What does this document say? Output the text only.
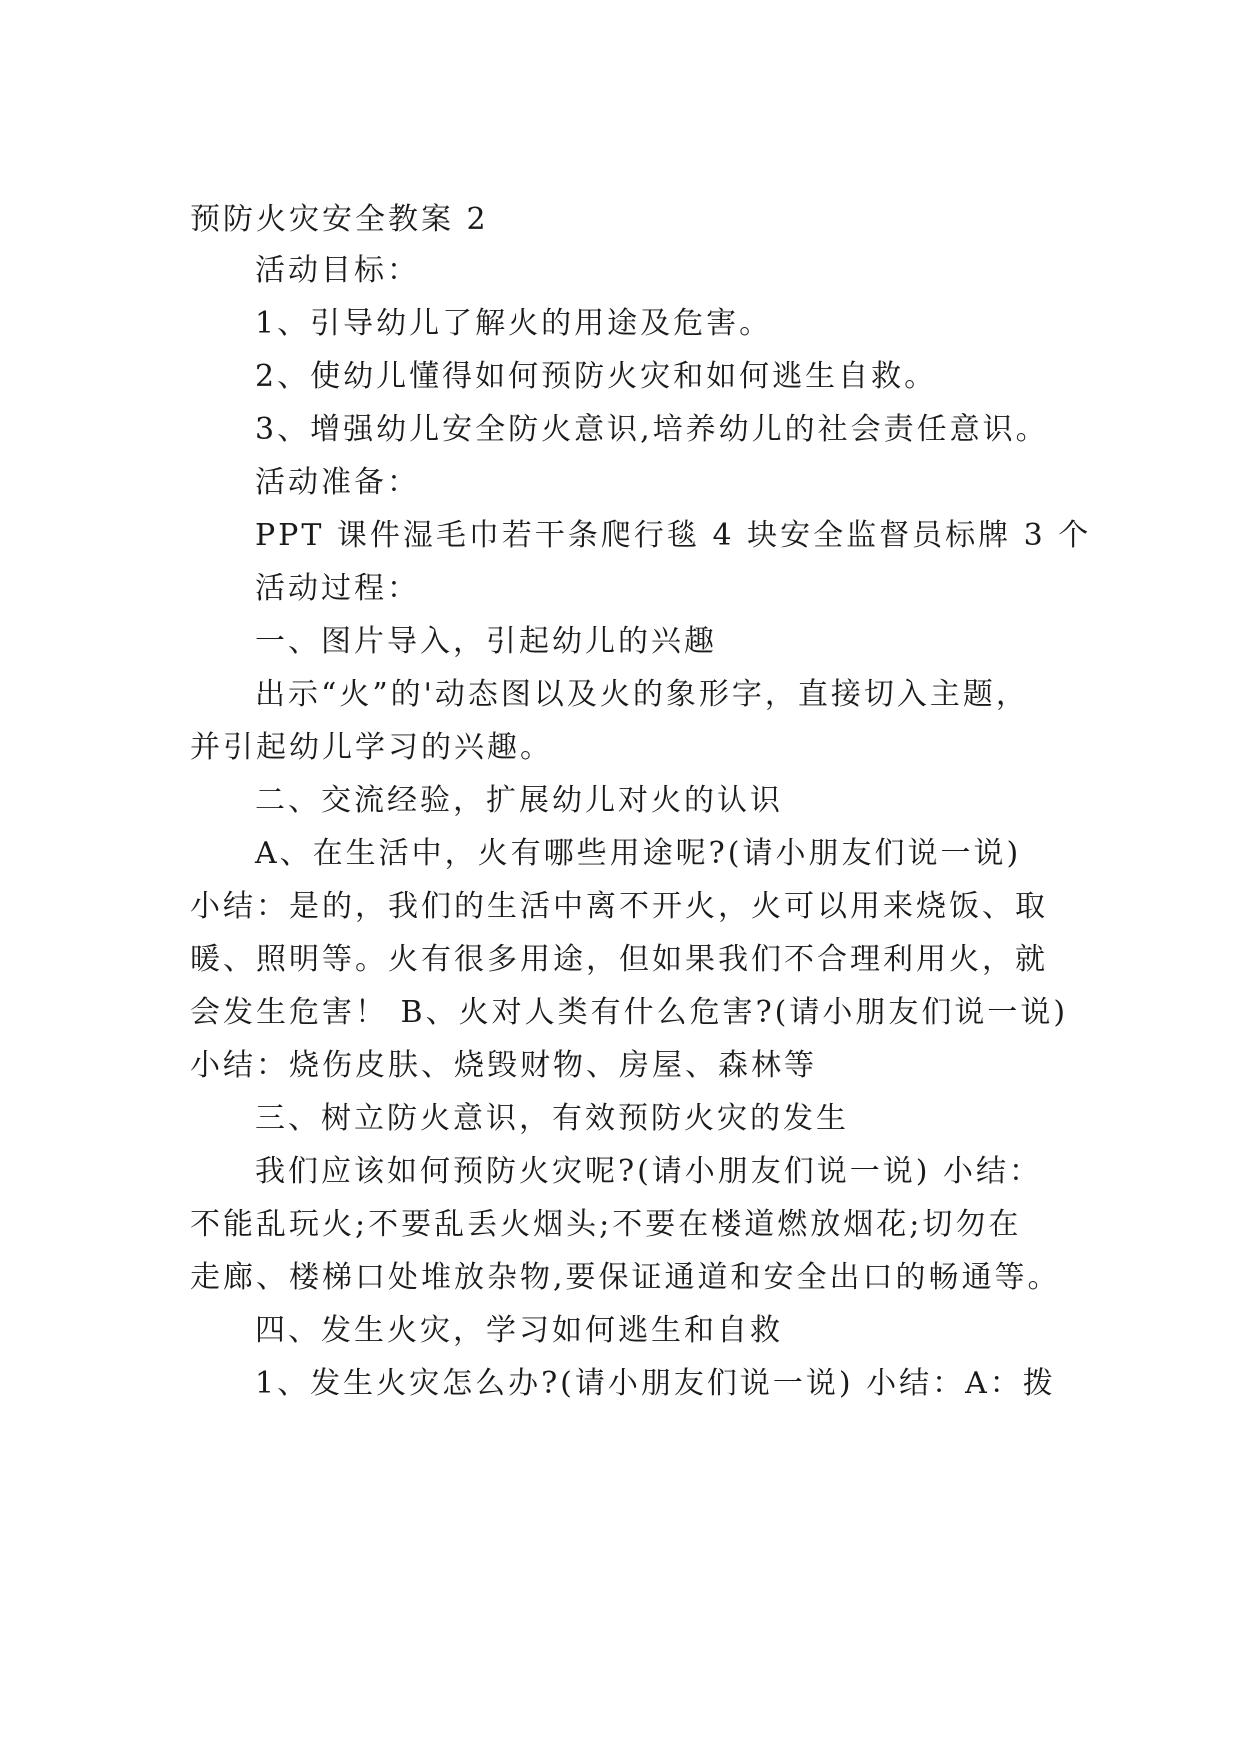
预防火灾安全教案 2
活动目标：
1、引导幼儿了解火的用途及危害。
2、使幼儿懂得如何预防火灾和如何逃生自救。
3、增强幼儿安全防火意识,培养幼儿的社会责任意识。
活动准备：
PPT 课件湿毛巾若干条爬行毯 4 块安全监督员标牌 3 个
活动过程：
一、图片导入，引起幼儿的兴趣
出示“火”的'动态图以及火的象形字，直接切入主题，
并引起幼儿学习的兴趣。
二、交流经验，扩展幼儿对火的认识
A、在生活中，火有哪些用途呢?(请小朋友们说一说)
小结：是的，我们的生活中离不开火，火可以用来烧饭、取
暖、照明等。火有很多用途，但如果我们不合理利用火，就
会发生危害！ B、火对人类有什么危害?(请小朋友们说一说)
小结：烧伤皮肤、烧毁财物、房屋、森林等
三、树立防火意识，有效预防火灾的发生
我们应该如何预防火灾呢?(请小朋友们说一说) 小结：
不能乱玩火;不要乱丢火烟头;不要在楼道燃放烟花;切勿在
走廊、楼梯口处堆放杂物,要保证通道和安全出口的畅通等。
四、发生火灾，学习如何逃生和自救
1、发生火灾怎么办?(请小朋友们说一说) 小结：A：拨
